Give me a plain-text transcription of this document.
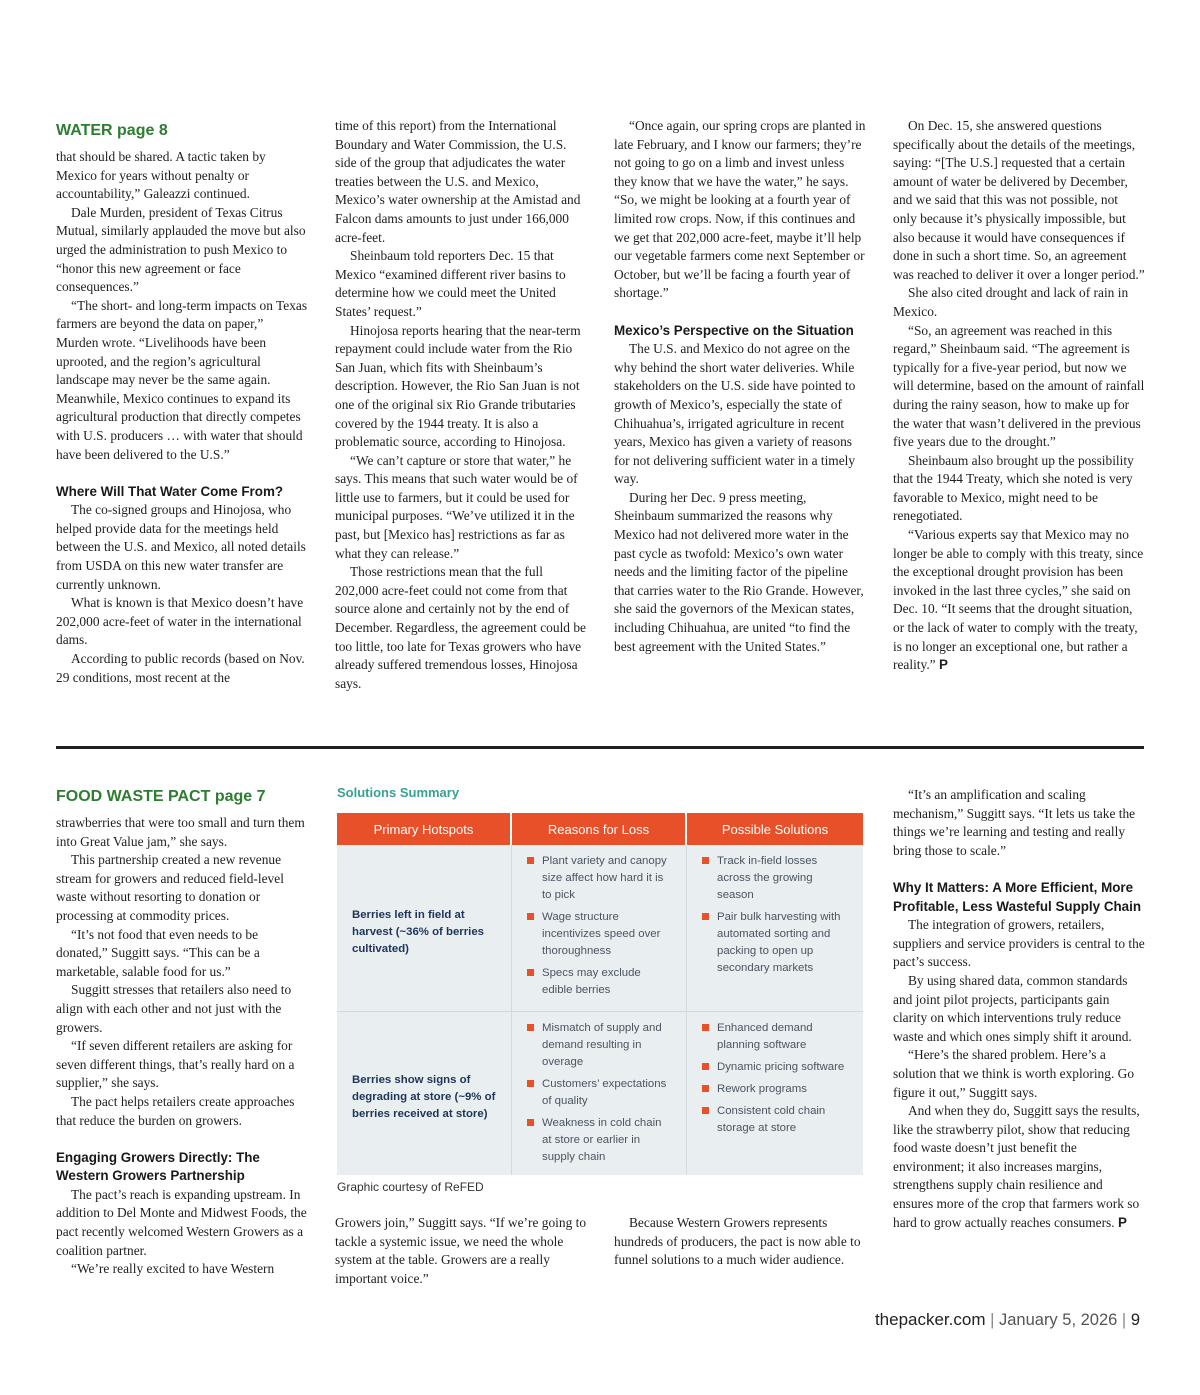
WATER page 8

that should be shared. A tactic taken by Mexico for years without penalty or accountability,” Galeazzi continued.

Dale Murden, president of Texas Citrus Mutual, similarly applauded the move but also urged the administration to push Mexico to “honor this new agreement or face consequences.”

“The short- and long-term impacts on Texas farmers are beyond the data on paper,” Murden wrote. “Livelihoods have been uprooted, and the region’s agricultural landscape may never be the same again. Meanwhile, Mexico continues to expand its agricultural production that directly competes with U.S. producers … with water that should have been delivered to the U.S.”

Where Will That Water Come From?

The co-signed groups and Hinojosa, who helped provide data for the meetings held between the U.S. and Mexico, all noted details from USDA on this new water transfer are currently unknown.

What is known is that Mexico doesn’t have 202,000 acre-feet of water in the international dams.

According to public records (based on Nov. 29 conditions, most recent at the

time of this report) from the International Boundary and Water Commission, the U.S. side of the group that adjudicates the water treaties between the U.S. and Mexico, Mexico’s water ownership at the Amistad and Falcon dams amounts to just under 166,000 acre-feet.

Sheinbaum told reporters Dec. 15 that Mexico “examined different river basins to determine how we could meet the United States’ request.”

Hinojosa reports hearing that the near-term repayment could include water from the Rio San Juan, which fits with Sheinbaum’s description. However, the Rio San Juan is not one of the original six Rio Grande tributaries covered by the 1944 treaty. It is also a problematic source, according to Hinojosa.

“We can’t capture or store that water,” he says. This means that such water would be of little use to farmers, but it could be used for municipal purposes. “We’ve utilized it in the past, but [Mexico has] restrictions as far as what they can release.”

Those restrictions mean that the full 202,000 acre-feet could not come from that source alone and certainly not by the end of December. Regardless, the agreement could be too little, too late for Texas growers who have already suffered tremendous losses, Hinojosa says.

“Once again, our spring crops are planted in late February, and I know our farmers; they’re not going to go on a limb and invest unless they know that we have the water,” he says. “So, we might be looking at a fourth year of limited row crops. Now, if this continues and we get that 202,000 acre-feet, maybe it’ll help our vegetable farmers come next September or October, but we’ll be facing a fourth year of shortage.”

Mexico’s Perspective on the Situation

The U.S. and Mexico do not agree on the why behind the short water deliveries. While stakeholders on the U.S. side have pointed to growth of Mexico’s, especially the state of Chihuahua’s, irrigated agriculture in recent years, Mexico has given a variety of reasons for not delivering sufficient water in a timely way.

During her Dec. 9 press meeting, Sheinbaum summarized the reasons why Mexico had not delivered more water in the past cycle as twofold: Mexico’s own water needs and the limiting factor of the pipeline that carries water to the Rio Grande. However, she said the governors of the Mexican states, including Chihuahua, are united “to find the best agreement with the United States.”

On Dec. 15, she answered questions specifically about the details of the meetings, saying: “[The U.S.] requested that a certain amount of water be delivered by December, and we said that this was not possible, not only because it’s physically impossible, but also because it would have consequences if done in such a short time. So, an agreement was reached to deliver it over a longer period.”

She also cited drought and lack of rain in Mexico.

“So, an agreement was reached in this regard,” Sheinbaum said. “The agreement is typically for a five-year period, but now we will determine, based on the amount of rainfall during the rainy season, how to make up for the water that wasn’t delivered in the previous five years due to the drought.”

Sheinbaum also brought up the possibility that the 1944 Treaty, which she noted is very favorable to Mexico, might need to be renegotiated.

“Various experts say that Mexico may no longer be able to comply with this treaty, since the exceptional drought provision has been invoked in the last three cycles,” she said on Dec. 10. “It seems that the drought situation, or the lack of water to comply with the treaty, is no longer an exceptional one, but rather a reality.” P

FOOD WASTE PACT page 7

strawberries that were too small and turn them into Great Value jam,” she says.

This partnership created a new revenue stream for growers and reduced field-level waste without resorting to donation or processing at commodity prices.

“It’s not food that even needs to be donated,” Suggitt says. “This can be a marketable, salable food for us.”

Suggitt stresses that retailers also need to align with each other and not just with the growers.

“If seven different retailers are asking for seven different things, that’s really hard on a supplier,” she says.

The pact helps retailers create approaches that reduce the burden on growers.

Engaging Growers Directly: The Western Growers Partnership

The pact’s reach is expanding upstream. In addition to Del Monte and Midwest Foods, the pact recently welcomed Western Growers as a coalition partner.

“We’re really excited to have Western

Solutions Summary
Primary Hotspots	Reasons for Loss	Possible Solutions
Berries left in field at harvest (~36% of berries cultivated)
Plant variety and canopy size affect how hard it is to pick
Wage structure incentivizes speed over thoroughness
Specs may exclude edible berries
Track in-field losses across the growing season
Pair bulk harvesting with automated sorting and packing to open up secondary markets
Berries show signs of degrading at store (~9% of berries received at store)
Mismatch of supply and demand resulting in overage
Customers’ expectations of quality
Weakness in cold chain at store or earlier in supply chain
Enhanced demand planning software
Dynamic pricing software
Rework programs
Consistent cold chain storage at store
Graphic courtesy of ReFED

Growers join,” Suggitt says. “If we’re going to tackle a systemic issue, we need the whole system at the table. Growers are a really important voice.”

Because Western Growers represents hundreds of producers, the pact is now able to funnel solutions to a much wider audience.

“It’s an amplification and scaling mechanism,” Suggitt says. “It lets us take the things we’re learning and testing and really bring those to scale.”

Why It Matters: A More Efficient, More Profitable, Less Wasteful Supply Chain

The integration of growers, retailers, suppliers and service providers is central to the pact’s success.

By using shared data, common standards and joint pilot projects, participants gain clarity on which interventions truly reduce waste and which ones simply shift it around.

“Here’s the shared problem. Here’s a solution that we think is worth exploring. Go figure it out,” Suggitt says.

And when they do, Suggitt says the results, like the strawberry pilot, show that reducing food waste doesn’t just benefit the environment; it also increases margins, strengthens supply chain resilience and ensures more of the crop that farmers work so hard to grow actually reaches consumers. P

thepacker.com | January 5, 2026 | 9
